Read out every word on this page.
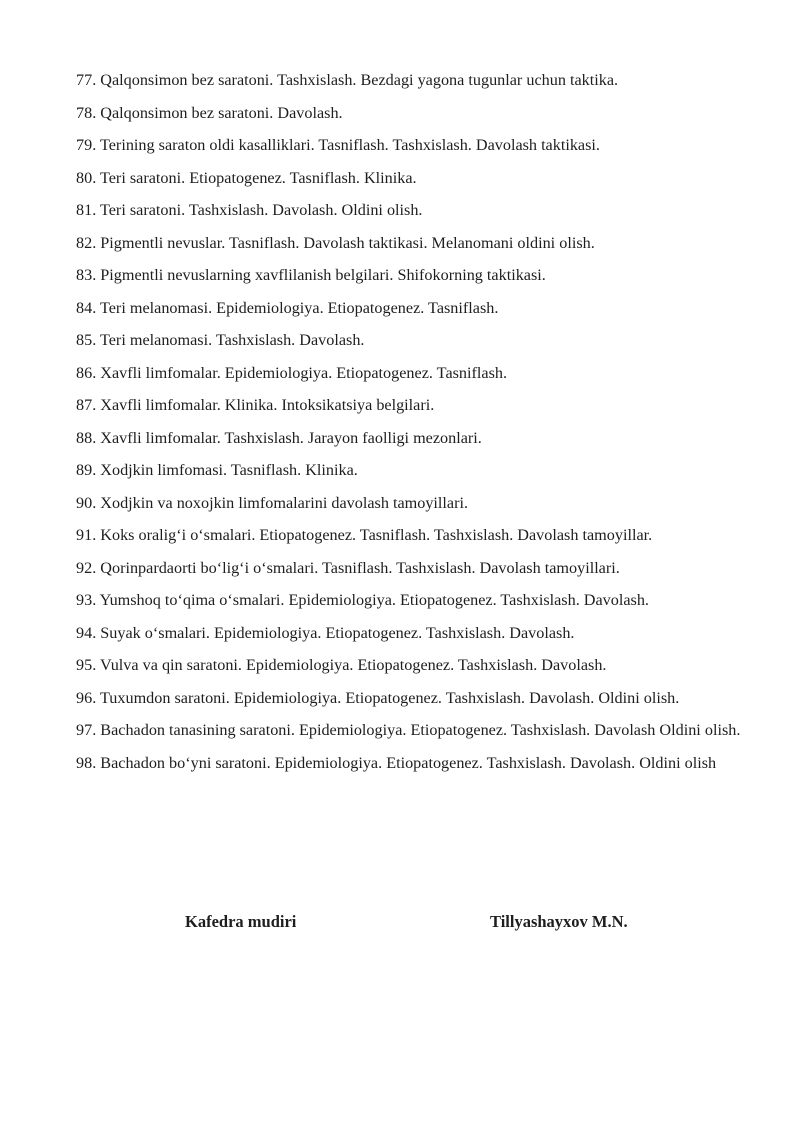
77. Qalqonsimon bez saratoni. Tashxislash. Bezdagi yagona tugunlar uchun taktika.
78. Qalqonsimon bez saratoni. Davolash.
79. Terining saraton oldi kasalliklari. Tasniflash. Tashxislash. Davolash taktikasi.
80. Teri saratoni. Etiopatogenez. Tasniflash. Klinika.
81. Teri saratoni. Tashxislash. Davolash. Oldini olish.
82. Pigmentli nevuslar. Tasniflash. Davolash taktikasi. Melanomani oldini olish.
83. Pigmentli nevuslarning xavflilanish belgilari. Shifokorning taktikasi.
84. Teri melanomasi. Epidemiologiya. Etiopatogenez. Tasniflash.
85. Teri melanomasi. Tashxislash. Davolash.
86. Xavfli limfomalar. Epidemiologiya. Etiopatogenez. Tasniflash.
87. Xavfli limfomalar. Klinika. Intoksikatsiya belgilari.
88. Xavfli limfomalar. Tashxislash. Jarayon faolligi mezonlari.
89. Xodjkin limfomasi. Tasniflash. Klinika.
90. Xodjkin va noxojkin limfomalarini davolash tamoyillari.
91. Koks oralig‘i o‘smalari. Etiopatogenez. Tasniflash. Tashxislash. Davolash tamoyillar.
92. Qorinpardaorti bo‘lig‘i o‘smalari. Tasniflash. Tashxislash. Davolash tamoyillari.
93. Yumshoq to‘qima o‘smalari. Epidemiologiya. Etiopatogenez. Tashxislash. Davolash.
94. Suyak o‘smalari. Epidemiologiya. Etiopatogenez. Tashxislash. Davolash.
95. Vulva va qin saratoni. Epidemiologiya. Etiopatogenez. Tashxislash. Davolash.
96. Tuxumdon saratoni. Epidemiologiya. Etiopatogenez. Tashxislash. Davolash. Oldini olish.
97. Bachadon tanasining saratoni. Epidemiologiya. Etiopatogenez. Tashxislash. Davolash Oldini olish.
98. Bachadon bo‘yni saratoni. Epidemiologiya. Etiopatogenez. Tashxislash. Davolash. Oldini olish
Kafedra mudiri	Tillyashayxov M.N.
